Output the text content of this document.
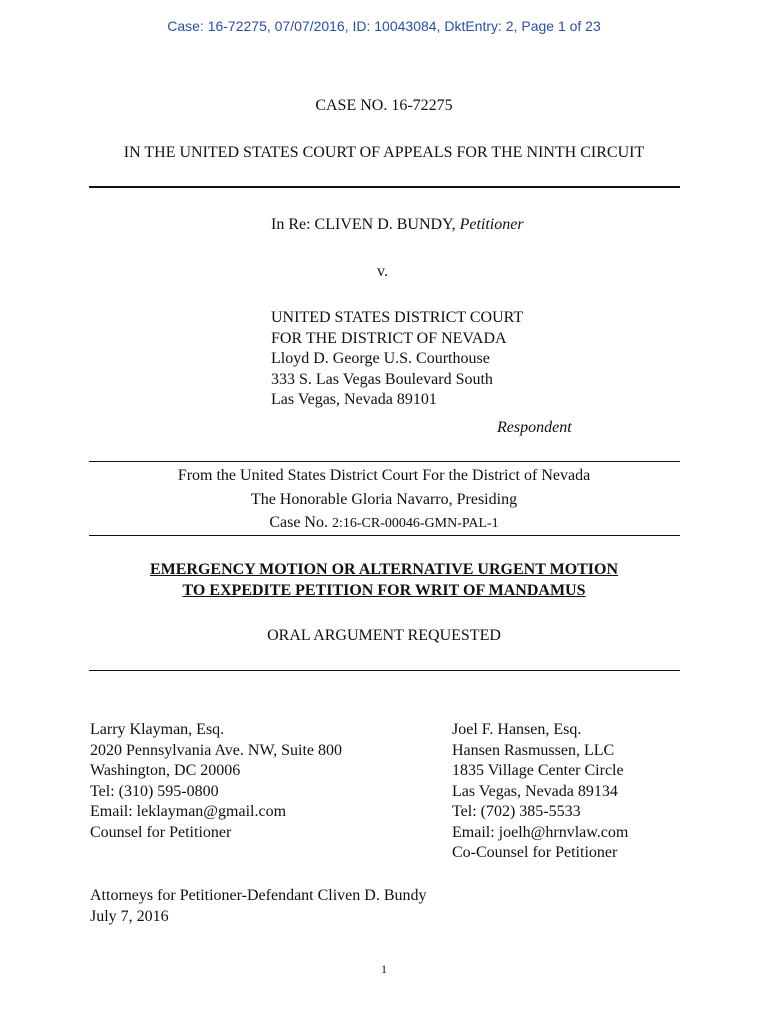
Case: 16-72275, 07/07/2016, ID: 10043084, DktEntry: 2, Page 1 of 23
CASE NO. 16-72275
IN THE UNITED STATES COURT OF APPEALS FOR THE NINTH CIRCUIT
In Re: CLIVEN D. BUNDY, Petitioner
v.
UNITED STATES DISTRICT COURT
FOR THE DISTRICT OF NEVADA
Lloyd D. George U.S. Courthouse
333 S. Las Vegas Boulevard South
Las Vegas, Nevada 89101
Respondent
From the United States District Court For the District of Nevada
The Honorable Gloria Navarro, Presiding
Case No. 2:16-CR-00046-GMN-PAL-1
EMERGENCY MOTION OR ALTERNATIVE URGENT MOTION
TO EXPEDITE PETITION FOR WRIT OF MANDAMUS
ORAL ARGUMENT REQUESTED
Larry Klayman, Esq.
2020 Pennsylvania Ave. NW, Suite 800
Washington, DC 20006
Tel: (310) 595-0800
Email: leklayman@gmail.com
Counsel for Petitioner
Joel F. Hansen, Esq.
Hansen Rasmussen, LLC
1835 Village Center Circle
Las Vegas, Nevada 89134
Tel: (702) 385-5533
Email: joelh@hrnvlaw.com
Co-Counsel for Petitioner
Attorneys for Petitioner-Defendant Cliven D. Bundy
July 7, 2016
1
